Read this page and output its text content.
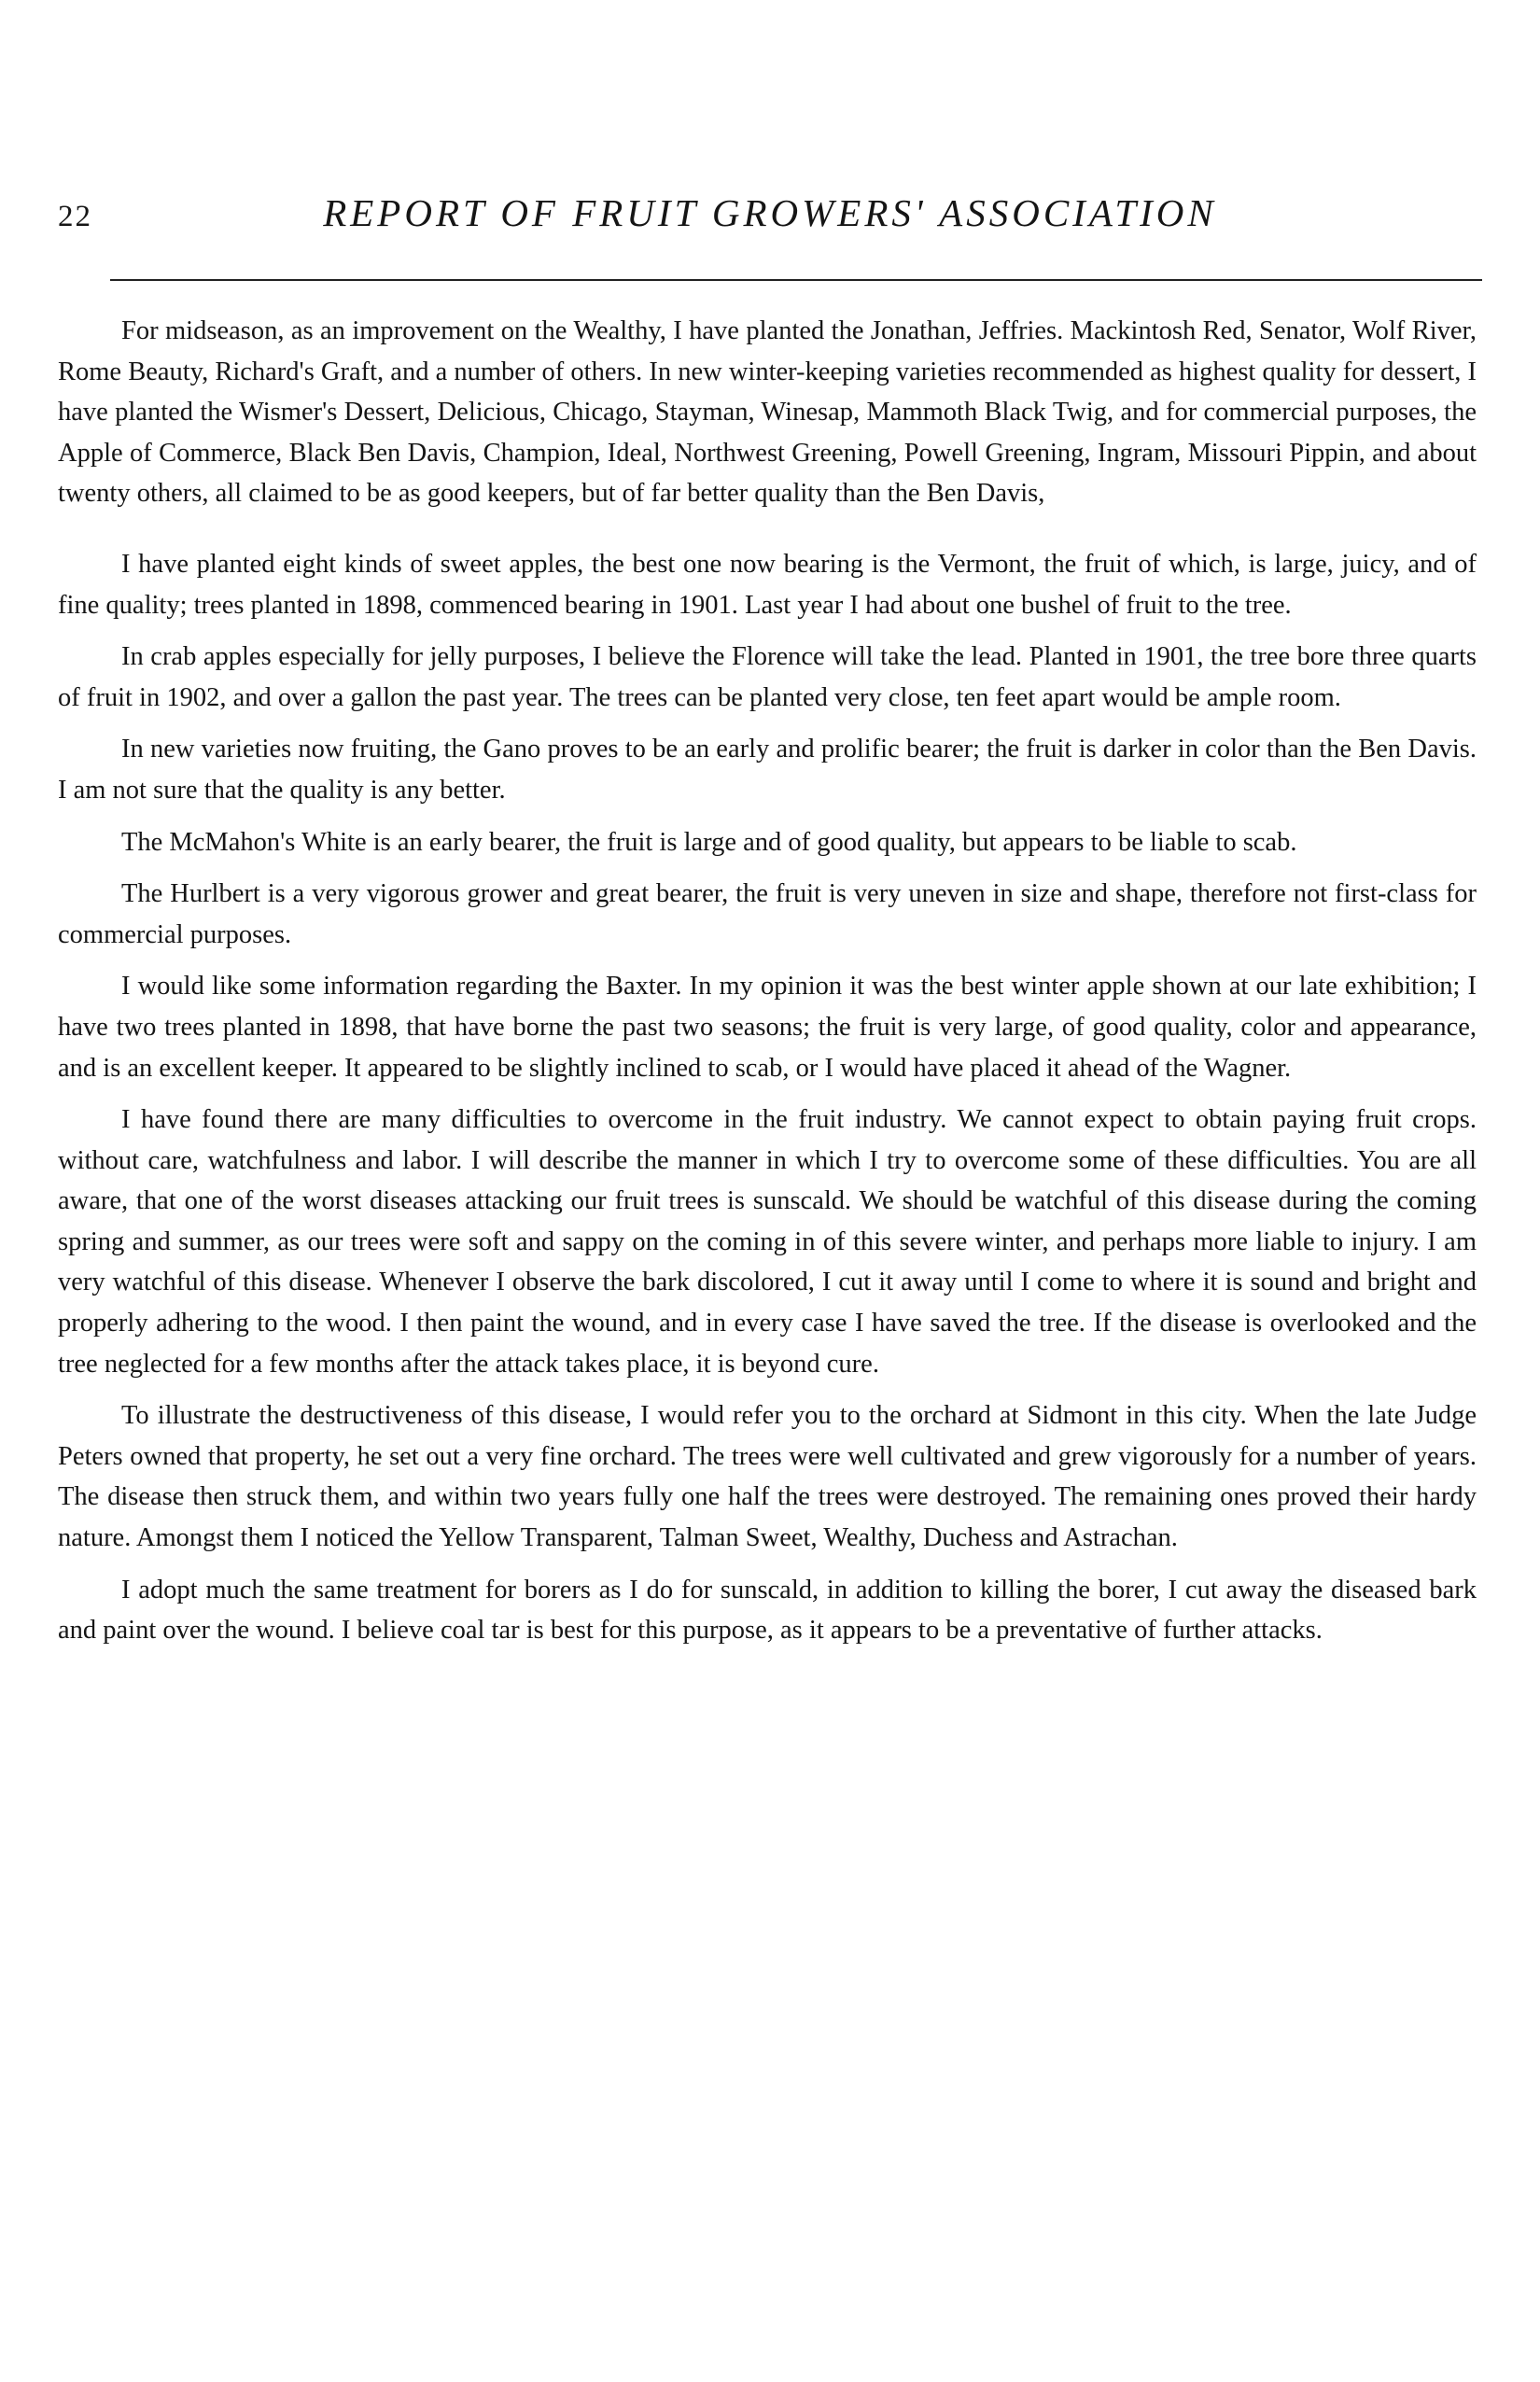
22	REPORT OF FRUIT GROWERS' ASSOCIATION

For midseason, as an improvement on the Wealthy, I have planted the Jonathan, Jeffries. Mackintosh Red, Senator, Wolf River, Rome Beauty, Richard's Graft, and a number of others. In new winter-keeping varieties recommended as highest quality for dessert, I have planted the Wismer's Dessert, Delicious, Chicago, Stayman, Winesap, Mammoth Black Twig, and for commercial purposes, the Apple of Commerce, Black Ben Davis, Champion, Ideal, Northwest Greening, Powell Greening, Ingram, Missouri Pippin, and about twenty others, all claimed to be as good keepers, but of far better quality than the Ben Davis,

I have planted eight kinds of sweet apples, the best one now bearing is the Vermont, the fruit of which, is large, juicy, and of fine quality; trees planted in 1898, commenced bearing in 1901. Last year I had about one bushel of fruit to the tree.

In crab apples especially for jelly purposes, I believe the Florence will take the lead. Planted in 1901, the tree bore three quarts of fruit in 1902, and over a gallon the past year. The trees can be planted very close, ten feet apart would be ample room.

In new varieties now fruiting, the Gano proves to be an early and prolific bearer; the fruit is darker in color than the Ben Davis. I am not sure that the quality is any better.

The McMahon's White is an early bearer, the fruit is large and of good quality, but appears to be liable to scab.

The Hurlbert is a very vigorous grower and great bearer, the fruit is very uneven in size and shape, therefore not first-class for commercial purposes.

I would like some information regarding the Baxter. In my opinion it was the best winter apple shown at our late exhibition; I have two trees planted in 1898, that have borne the past two seasons; the fruit is very large, of good quality, color and appearance, and is an excellent keeper. It appeared to be slightly inclined to scab, or I would have placed it ahead of the Wagner.

I have found there are many difficulties to overcome in the fruit industry. We cannot expect to obtain paying fruit crops. without care, watchfulness and labor. I will describe the manner in which I try to overcome some of these difficulties. You are all aware, that one of the worst diseases attacking our fruit trees is sunscald. We should be watchful of this disease during the coming spring and summer, as our trees were soft and sappy on the coming in of this severe winter, and perhaps more liable to injury. I am very watchful of this disease. Whenever I observe the bark discolored, I cut it away until I come to where it is sound and bright and properly adhering to the wood. I then paint the wound, and in every case I have saved the tree. If the disease is overlooked and the tree neglected for a few months after the attack takes place, it is beyond cure.

To illustrate the destructiveness of this disease, I would refer you to the orchard at Sidmont in this city. When the late Judge Peters owned that property, he set out a very fine orchard. The trees were well cultivated and grew vigorously for a number of years. The disease then struck them, and within two years fully one half the trees were destroyed. The remaining ones proved their hardy nature. Amongst them I noticed the Yellow Transparent, Talman Sweet, Wealthy, Duchess and Astrachan.

I adopt much the same treatment for borers as I do for sunscald, in addition to killing the borer, I cut away the diseased bark and paint over the wound. I believe coal tar is best for this purpose, as it appears to be a preventative of further attacks.
